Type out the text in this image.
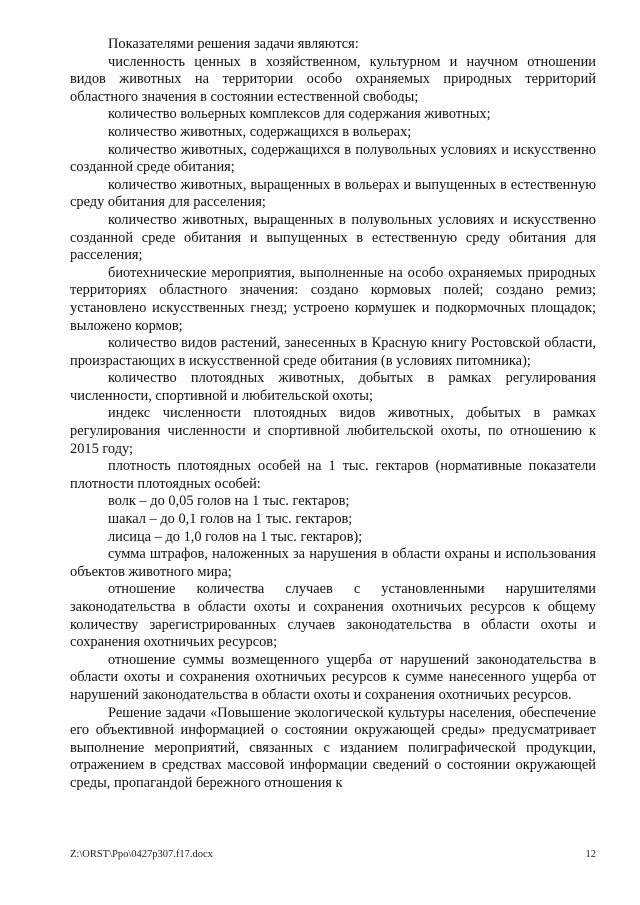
Показателями решения задачи являются:

численность ценных в хозяйственном, культурном и научном отношении видов животных на территории особо охраняемых природных территорий областного значения в состоянии естественной свободы;

количество вольерных комплексов для содержания животных;

количество животных, содержащихся в вольерах;

количество животных, содержащихся в полувольных условиях и искусственно созданной среде обитания;

количество животных, выращенных в вольерах и выпущенных в естественную среду обитания для расселения;

количество животных, выращенных в полувольных условиях и искусственно созданной среде обитания и выпущенных в естественную среду обитания для расселения;

биотехнические мероприятия, выполненные на особо охраняемых природных территориях областного значения: создано кормовых полей; создано ремиз; установлено искусственных гнезд; устроено кормушек и подкормочных площадок; выложено кормов;

количество видов растений, занесенных в Красную книгу Ростовской области, произрастающих в искусственной среде обитания (в условиях питомника);

количество плотоядных животных, добытых в рамках регулирования численности, спортивной и любительской охоты;

индекс численности плотоядных видов животных, добытых в рамках регулирования численности и спортивной любительской охоты, по отношению к 2015 году;

плотность плотоядных особей на 1 тыс. гектаров (нормативные показатели плотности плотоядных особей:

волк – до 0,05 голов на 1 тыс. гектаров;

шакал – до 0,1 голов на 1 тыс. гектаров;

лисица – до 1,0 голов на 1 тыс. гектаров);

сумма штрафов, наложенных за нарушения в области охраны и использования объектов животного мира;

отношение количества случаев с установленными нарушителями законодательства в области охоты и сохранения охотничьих ресурсов к общему количеству зарегистрированных случаев законодательства в области охоты и сохранения охотничьих ресурсов;

отношение суммы возмещенного ущерба от нарушений законодательства в области охоты и сохранения охотничьих ресурсов к сумме нанесенного ущерба от нарушений законодательства в области охоты и сохранения охотничьих ресурсов.

Решение задачи «Повышение экологической культуры населения, обеспечение его объективной информацией о состоянии окружающей среды» предусматривает выполнение мероприятий, связанных с изданием полиграфической продукции, отражением в средствах массовой информации сведений о состоянии окружающей среды, пропагандой бережного отношения к

Z:\ORST\Ppo\0427p307.f17.docx	12
